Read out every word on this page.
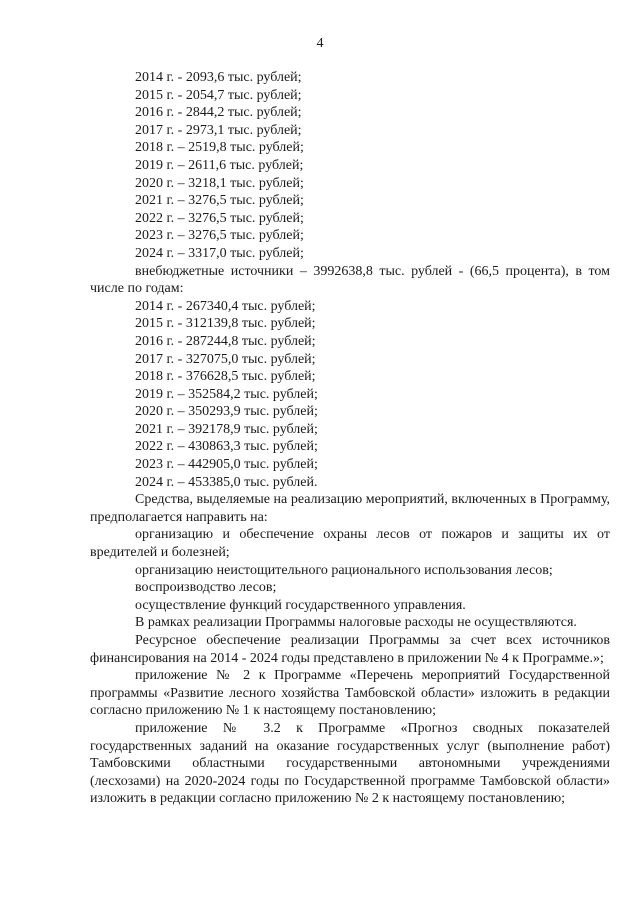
4
2014 г. - 2093,6 тыс. рублей;
2015 г. - 2054,7 тыс. рублей;
2016 г. - 2844,2 тыс. рублей;
2017 г. - 2973,1 тыс. рублей;
2018 г. – 2519,8 тыс. рублей;
2019 г. – 2611,6 тыс. рублей;
2020 г. – 3218,1 тыс. рублей;
2021 г. – 3276,5 тыс. рублей;
2022 г. – 3276,5 тыс. рублей;
2023 г. – 3276,5 тыс. рублей;
2024 г. – 3317,0 тыс. рублей;
внебюджетные источники – 3992638,8 тыс. рублей - (66,5 процента), в том числе по годам:
2014 г. - 267340,4 тыс. рублей;
2015 г. - 312139,8 тыс. рублей;
2016 г. - 287244,8 тыс. рублей;
2017 г. - 327075,0 тыс. рублей;
2018 г. - 376628,5 тыс. рублей;
2019 г. – 352584,2 тыс. рублей;
2020 г. – 350293,9 тыс. рублей;
2021 г. – 392178,9 тыс. рублей;
2022 г. – 430863,3 тыс. рублей;
2023 г. – 442905,0 тыс. рублей;
2024 г. – 453385,0 тыс. рублей.
Средства, выделяемые на реализацию мероприятий, включенных в Программу, предполагается направить на:
организацию и обеспечение охраны лесов от пожаров и защиты их от вредителей и болезней;
организацию неистощительного рационального использования лесов;
воспроизводство лесов;
осуществление функций государственного управления.
В рамках реализации Программы налоговые расходы не осуществляются.
Ресурсное обеспечение реализации Программы за счет всех источников финансирования на 2014 - 2024 годы представлено в приложении № 4 к Программе.»;
приложение № 2 к Программе «Перечень мероприятий Государственной программы «Развитие лесного хозяйства Тамбовской области» изложить в редакции согласно приложению № 1 к настоящему постановлению;
приложение № 3.2 к Программе «Прогноз сводных показателей государственных заданий на оказание государственных услуг (выполнение работ) Тамбовскими областными государственными автономными учреждениями (лесхозами) на 2020-2024 годы по Государственной программе Тамбовской области» изложить в редакции согласно приложению № 2 к настоящему постановлению;
